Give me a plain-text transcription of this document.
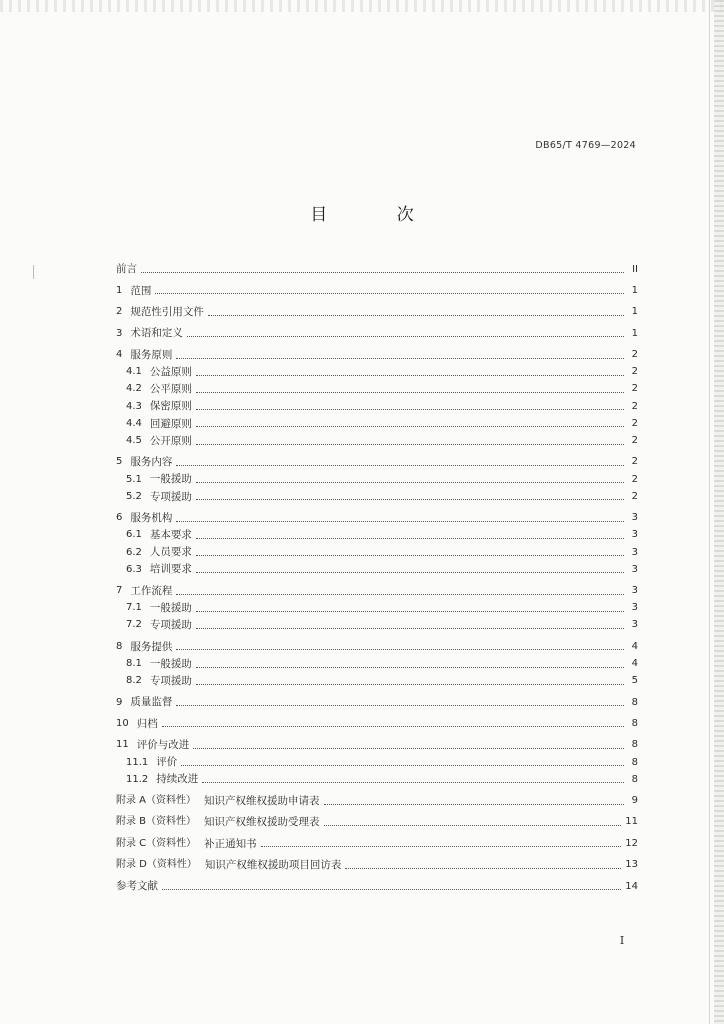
DB65/T 4769—2024
目 次
前言	II
1 范围	1
2 规范性引用文件	1
3 术语和定义	1
4 服务原则	2
4.1 公益原则	2
4.2 公平原则	2
4.3 保密原则	2
4.4 回避原则	2
4.5 公开原则	2
5 服务内容	2
5.1 一般援助	2
5.2 专项援助	2
6 服务机构	3
6.1 基本要求	3
6.2 人员要求	3
6.3 培训要求	3
7 工作流程	3
7.1 一般援助	3
7.2 专项援助	3
8 服务提供	4
8.1 一般援助	4
8.2 专项援助	5
9 质量监督	8
10 归档	8
11 评价与改进	8
11.1 评价	8
11.2 持续改进	8
附录 A（资料性） 知识产权维权援助申请表	9
附录 B（资料性） 知识产权维权援助受理表	11
附录 C（资料性） 补正通知书	12
附录 D（资料性） 知识产权维权援助项目回访表	13
参考文献	14
I
